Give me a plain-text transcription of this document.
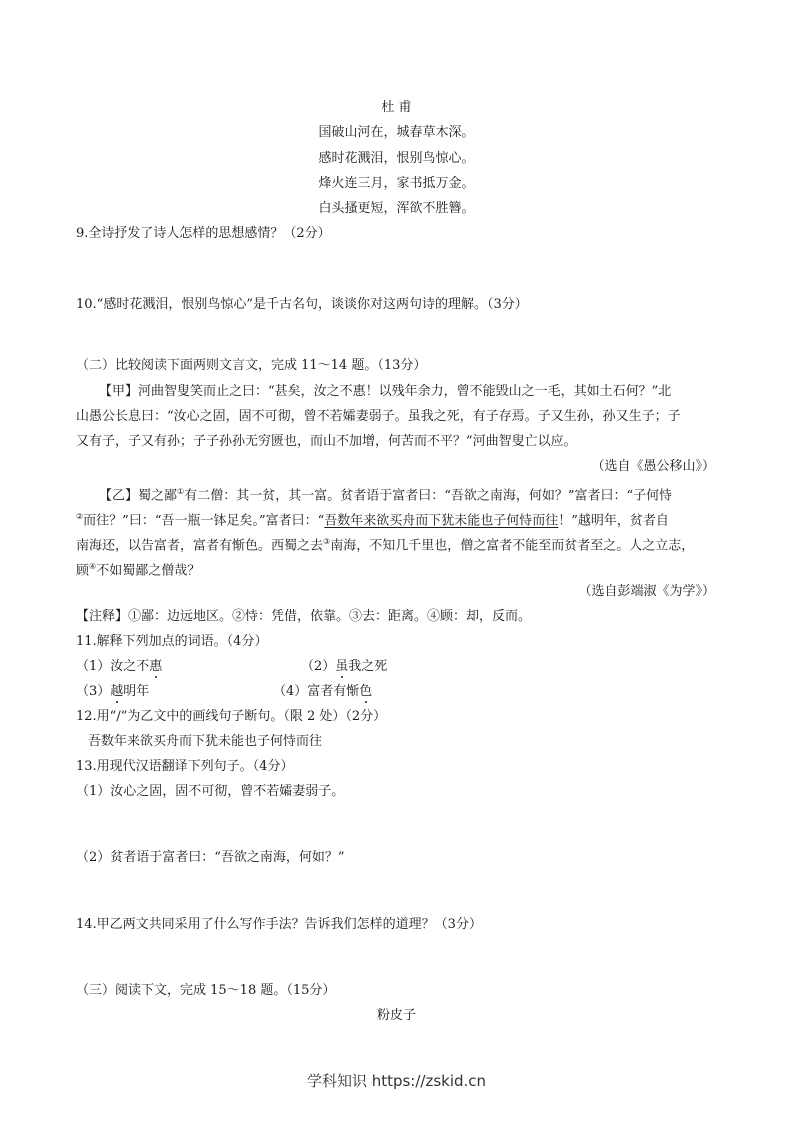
杜 甫
国破山河在，城春草木深。
感时花溅泪，恨别鸟惊心。
烽火连三月，家书抵万金。
白头搔更短，浑欲不胜簪。
9.全诗抒发了诗人怎样的思想感情？（2分）
10.“感时花溅泪，恨别鸟惊心”是千古名句，谈谈你对这两句诗的理解。（3分）
（二）比较阅读下面两则文言文，完成 11～14 题。（13分）
【甲】河曲智叟笑而止之曰：“甚矣，汝之不惠！以残年余力，曾不能毁山之一毛，其如土石何？”北
山愚公长息曰：“汝心之固，固不可彻，曾不若孀妻弱子。虽我之死，有子存焉。子又生孙，孙又生子；子
又有子，子又有孙；子子孙孙无穷匮也，而山不加增，何苦而不平？”河曲智叟亡以应。
（选自《愚公移山》）
【乙】蜀之鄙①有二僧：其一贫，其一富。贫者语于富者曰：“吾欲之南海，何如？”富者曰：“子何恃
②而往？”曰：“吾一瓶一钵足矣。”富者曰：“吾数年来欲买舟而下犹未能也子何恃而往！”越明年，贫者自
南海还，以告富者，富者有惭色。西蜀之去③南海，不知几千里也，僧之富者不能至而贫者至之。人之立志，
顾④不如蜀鄙之僧哉？
（选自彭端淑《为学》）
【注释】①鄙：边远地区。②恃：凭借，依靠。③去：距离。④顾：却，反而。
11.解释下列加点的词语。（4分）
（1）汝之不惠	（2）虽我之死
（3）越明年	（4）富者有惭色
12.用“/”为乙文中的画线句子断句。（限 2 处）（2分）
吾数年来欲买舟而下犹未能也子何恃而往
13.用现代汉语翻译下列句子。（4分）
（1）汝心之固，固不可彻，曾不若孀妻弱子。
（2）贫者语于富者曰：“吾欲之南海，何如？”
14.甲乙两文共同采用了什么写作手法？告诉我们怎样的道理？（3分）
（三）阅读下文，完成 15～18 题。（15分）
粉皮子
学科知识 https://zskid.cn
